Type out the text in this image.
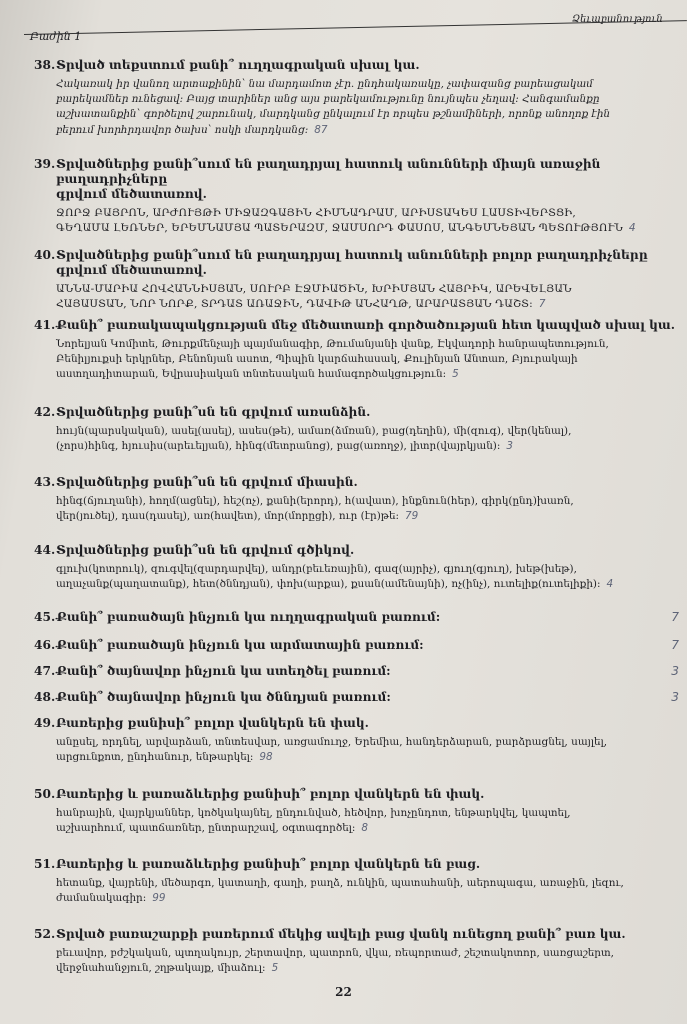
Ձեւաբանություն
Բաժին 1
38. Տրված տեքստում քանի՞ ուղղագրական սխալ կա.
Հակառակ իր վանող արտաքինին՝ նա մարդամոտ չէր. ընդհակառակը, չափազանց բարեացակամ
բարեկամներ ունեցավ։ Բայց տարիներ անց այս բարեկամությունը նույնպես չեղավ։ Հանգամանքը
աշխատանքին՝ գործելով շարունակ, մարդկանց ընկալում էր որպես թշնամիների, որոնք անողոք էին
բերում խորհրդավոր ծախս՝ ոսկի մարդկանց։ 87
39. Տրվածներից քանի՞սում են բաղադրյալ հատուկ անունների միայն առաջին բաղադրիչները
գրվում մեծատառով.
ՋՈՐՋ ԲԱՅՐՈՆ, ԱՐԺՈՒՅԹԻ ՄԻՋԱԶԳԱՅԻՆ ՀԻՄՆԱԴՐԱՄ, ԱՐԻՍՏԱԿԵՍ ԼԱՍՏԻՎԵՐՏՑԻ,
ԳԵՂԱՄԱ ԼԵՌՆԵՐ, ԵՐԵՄՆԱՄՅԱ ՊԱՏԵՐԱԶՄ, ՋԱՄՍՈՐԴ ՓԱՍՈՍ, ԱՆԳԵՄՆԵՅԱՆ ՊԵՏՈՒԹՅՈՒՆ 4
40. Տրվածներից քանի՞սում են բաղադրյալ հատուկ անունների բոլոր բաղադրիչները գրվում մեծատառով.
ԱՆՆԱ-ՄԱՐԻԱ ՀՈՎՀԱՆՆԻՍՅԱՆ, ՍՈՒՐԲ ԷՋՄԻԱԾԻՆ, ԽՐԻՄՅԱՆ ՀԱՅՐԻԿ, ԱՐԵՎԵԼՅԱՆ
ՀԱՅԱՍՏԱՆ, ՆՈՐ ՆՈՐՔ, ՏՐԴԱՏ ԱՌԱՋԻՆ, ԴԱՎԻԹ ԱՆՀԱՂԹ, ԱՐԱՐԱՏՅԱՆ ԴԱՇՏ: 7
41. Քանի՞ բառակապակցության մեջ մեծատառի գործածության հետ կապված սխալ կա.
Նորելյան Կոմիտե, Թուրքմենչայի պայմանագիր, Թումանյանի վանք, Էկվադորի հանրապետություն,
Բենիլյուքսի երկրներ, Բենոնյան ասոտ, Պիպին կարճահասակ, Քուլինյան Անտառ, Բյուրակայի
աստղադիտարան, Եվրասիական տնտեսական համագործակցություն: 5
42. Տրվածներից քանի՞սն են գրվում առանձին.
հույն(պարսկական), ասել(ասել), ասես(թե), ամառ(ձմռան), բաց(դեղին), մի(զուգ), վեր(կենալ),
(չորս)հինգ, հյուսիս(արեւելյան), հինգ(մետրանոց), բաց(առողջ), լիտր(վայրկյան): 3
43. Տրվածներից քանի՞սն են գրվում միասին.
հինգ(ճյուղանի), հողմ(ացնել), հեշ(ոչ), քանի(երորդ), հ(ավատ), ինքնուն(հեր), գիրկ(ընդ)խառն,
վեր(յուծել), դաս(դասել), առ(հավետ), մոր(մորըցի), ուր (էր)թե: 79
44. Տրվածներից քանի՞սն են գրվում գծիկով.
գլուխ(կոտրուկ), զուգվել(զարդարվել), անդր(բեւեռային), գազ(այրիչ), գյուղ(գյուղ), խեթ(խեթ),
աղաչանք(պաղատանք), հետ(ծննդյան), փոխ(արքա), քսան(ամենայնի), ոչ(ինչ), ուտելիք(ուտելիքի): 4
45. Քանի՞ բառածայն ինչյուն կա ուղղագրական բառում:	7
46. Քանի՞ բառածայն ինչյուն կա արմատային բառում:	7
47. Քանի՞ ծայնավոր ինչյուն կա ստեղծել բառում:	3
48. Քանի՞ ծայնավոր ինչյուն կա ծննդյան բառում:	3
49. Բառերից քանիսի՞ բոլոր վանկերն են փակ.
անըսել, որդնել, արվարձան, տնտեսվար, առցամուղջ, Երեմիա, հանդերձարան, բարձրացնել, սայլել,
արցունքոտ, ընդհանուր, ենթարկել: 98
50. Բառերից և բառաձևերից քանիսի՞ բոլոր վանկերն են փակ.
հանրային, վայրկյաններ, կոծկակայնել, ընդունված, հեծվոր, խոչընդոտ, ենթարկվել, կապտել,
աշխարհում, պատճառներ, ընտրարշավ, օգտագործել: 8
51. Բառերից և բառաձևերից քանիսի՞ բոլոր վանկերն են բաց.
հետանք, վայրենի, մեծարգո, կատաղի, գաղի, բաղձ, ունկին, պատահանի, աերոպագա, առաջին, լեզու,
ժամանակագիր: 99
52. Տրված բառաշարքի բառերում մեկից ավելի բաց վանկ ունեցող քանի՞ բառ կա.
բեւավոր, բժշկական, պտղակույր, շերտավոր, պատրոն, վկա, ռեպորտաժ, շեշտակոտոր, սառցաշերտ,
վերջնահանջյուն, շղթակայք, միաձուլ: 5
22
